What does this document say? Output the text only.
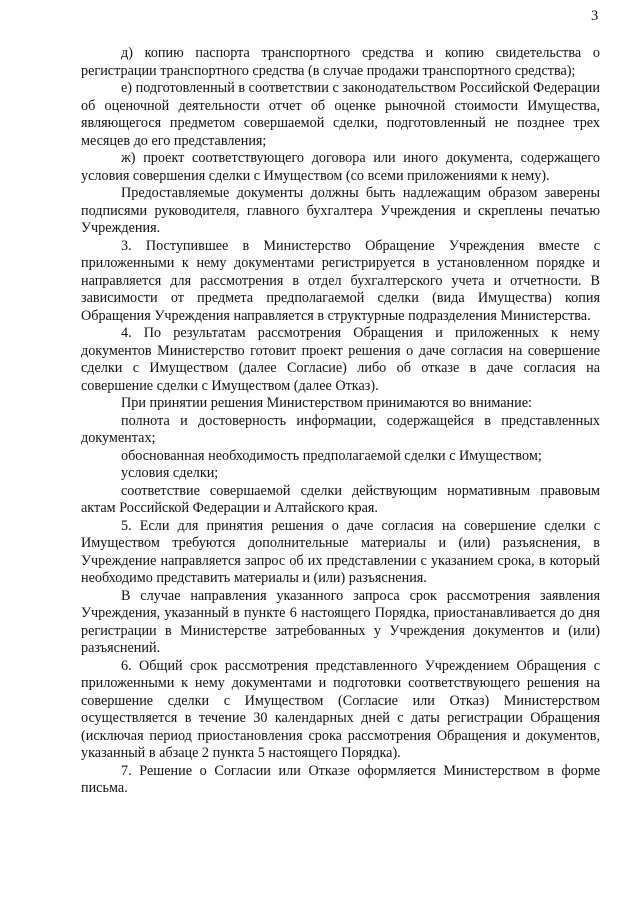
3

д) копию паспорта транспортного средства и копию свидетельства о регистрации транспортного средства (в случае продажи транспортного средства);

е) подготовленный в соответствии с законодательством Российской Федерации об оценочной деятельности отчет об оценке рыночной стоимости Имущества, являющегося предметом совершаемой сделки, подготовленный не позднее трех месяцев до его представления;

ж) проект соответствующего договора или иного документа, содержащего условия совершения сделки с Имуществом (со всеми приложениями к нему).

Предоставляемые документы должны быть надлежащим образом заверены подписями руководителя, главного бухгалтера Учреждения и скреплены печатью Учреждения.

3. Поступившее в Министерство Обращение Учреждения вместе с приложенными к нему документами регистрируется в установленном порядке и направляется для рассмотрения в отдел бухгалтерского учета и отчетности. В зависимости от предмета предполагаемой сделки (вида Имущества) копия Обращения Учреждения направляется в структурные подразделения Министерства.

4. По результатам рассмотрения Обращения и приложенных к нему документов Министерство готовит проект решения о даче согласия на совершение сделки с Имуществом (далее Согласие) либо об отказе в даче согласия на совершение сделки с Имуществом (далее Отказ).

При принятии решения Министерством принимаются во внимание:

полнота и достоверность информации, содержащейся в представленных документах;

обоснованная необходимость предполагаемой сделки с Имуществом;

условия сделки;

соответствие совершаемой сделки действующим нормативным правовым актам Российской Федерации и Алтайского края.

5. Если для принятия решения о даче согласия на совершение сделки с Имуществом требуются дополнительные материалы и (или) разъяснения, в Учреждение направляется запрос об их представлении с указанием срока, в который необходимо представить материалы и (или) разъяснения.

В случае направления указанного запроса срок рассмотрения заявления Учреждения, указанный в пункте 6 настоящего Порядка, приостанавливается до дня регистрации в Министерстве затребованных у Учреждения документов и (или) разъяснений.

6. Общий срок рассмотрения представленного Учреждением Обращения с приложенными к нему документами и подготовки соответствующего решения на совершение сделки с Имуществом (Согласие или Отказ) Министерством осуществляется в течение 30 календарных дней с даты регистрации Обращения (исключая период приостановления срока рассмотрения Обращения и документов, указанный в абзаце 2 пункта 5 настоящего Порядка).

7. Решение о Согласии или Отказе оформляется Министерством в форме письма.
